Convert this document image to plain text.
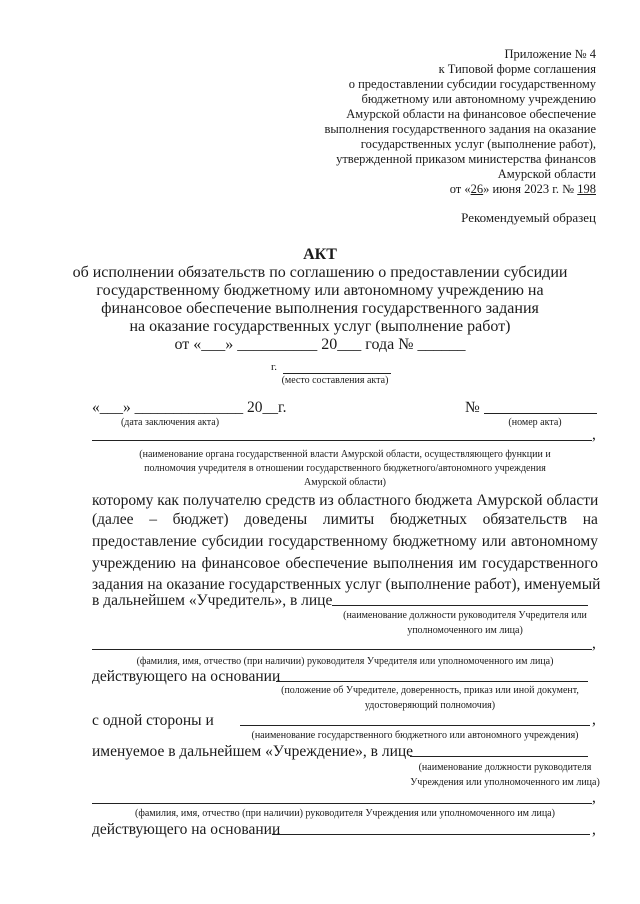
Приложение № 4
к Типовой форме соглашения
о предоставлении субсидии государственному
бюджетному или автономному учреждению
Амурской области на финансовое обеспечение
выполнения государственного задания на оказание
государственных услуг (выполнение работ),
утвержденной приказом министерства финансов
Амурской области
от «26» июня 2023 г. № 198
Рекомендуемый образец
АКТ
об исполнении обязательств по соглашению о предоставлении субсидии
государственному бюджетному или автономному учреждению на
финансовое обеспечение выполнения государственного задания
на оказание государственных услуг (выполнение работ)
от «___» __________ 20___ года № ______
г.
(место составления акта)
«___» ______________ 20__г.
(дата заключения акта)
№
(номер акта)
,
(наименование органа государственной власти Амурской области, осуществляющего функции и
полномочия учредителя в отношении государственного бюджетного/автономного учреждения
Амурской области)
которому как получателю средств из областного бюджета Амурской области
(далее – бюджет) доведены лимиты бюджетных обязательств на
предоставление субсидии государственному бюджетному или автономному
учреждению на финансовое обеспечение выполнения им государственного
задания на оказание государственных услуг (выполнение работ), именуемый
в дальнейшем «Учредитель», в лице
(наименование должности руководителя Учредителя или
уполномоченного им лица)
,
(фамилия, имя, отчество (при наличии) руководителя Учредителя или уполномоченного им лица)
действующего на основании
(положение об Учредителе, доверенность, приказ или иной документ,
удостоверяющий полномочия)
с одной стороны и	,
(наименование государственного бюджетного или автономного учреждения)
именуемое в дальнейшем «Учреждение», в лице
(наименование должности руководителя
Учреждения или уполномоченного им лица)
,
(фамилия, имя, отчество (при наличии) руководителя Учреждения или уполномоченного им лица)
действующего на основании	,
